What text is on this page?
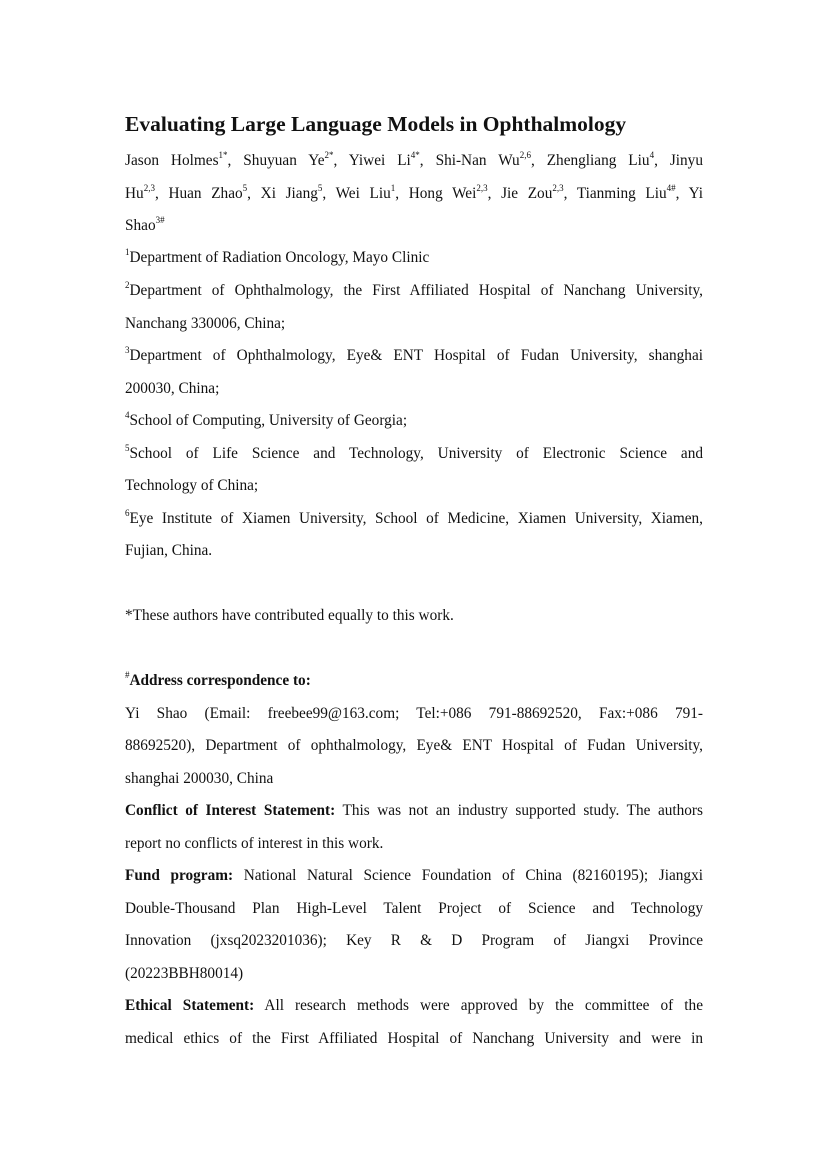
Evaluating Large Language Models in Ophthalmology
Jason Holmes$^{1*}$, Shuyuan $Ye^{2*}$, Yiwei $Li^{4*}$, Shi-Nan Wu$^{2,6}$, Zhengliang Liu$^4$, Jinyu
Hu$^{2,3}$, Huan Zhao$^5$, Xi Jiang$^5$, Wei Liu$^1$, Hong Wei$^{2,3}$, Jie Zou$^{2,3}$, Tianming Liu$^{4\#}$, Yi
Shao$^{3\#}$
$^1$Department of Radiation Oncology, Mayo Clinic
$^2$Department of Ophthalmology, the First Affiliated Hospital of Nanchang University,
Nanchang 330006, China;
$^3$Department of Ophthalmology, Eye& ENT Hospital of Fudan University, shanghai
200030, China;
$^4$School of Computing, University of Georgia;
$^5$School of Life Science and Technology, University of Electronic Science and
Technology of China;
$^6$Eye Institute of Xiamen University, School of Medicine, Xiamen University, Xiamen,
Fujian, China.
*These authors have contributed equally to this work.
#Address correspondence to:
Yi Shao (Email: freebee99@163.com; Tel:+086 791-88692520, Fax:+086 791-
88692520), Department of ophthalmology, Eye& ENT Hospital of Fudan University,
shanghai 200030, China
Conflict of Interest Statement: This was not an industry supported study. The authors
report no conflicts of interest in this work.
Fund program: National Natural Science Foundation of China (82160195); Jiangxi
Double-Thousand Plan High-Level Talent Project of Science and Technology
Innovation (jxsq2023201036); Key R & D Program of Jiangxi Province
(20223BBH80014)
Ethical Statement: All research methods were approved by the committee of the
medical ethics of the First Affiliated Hospital of Nanchang University and were in
